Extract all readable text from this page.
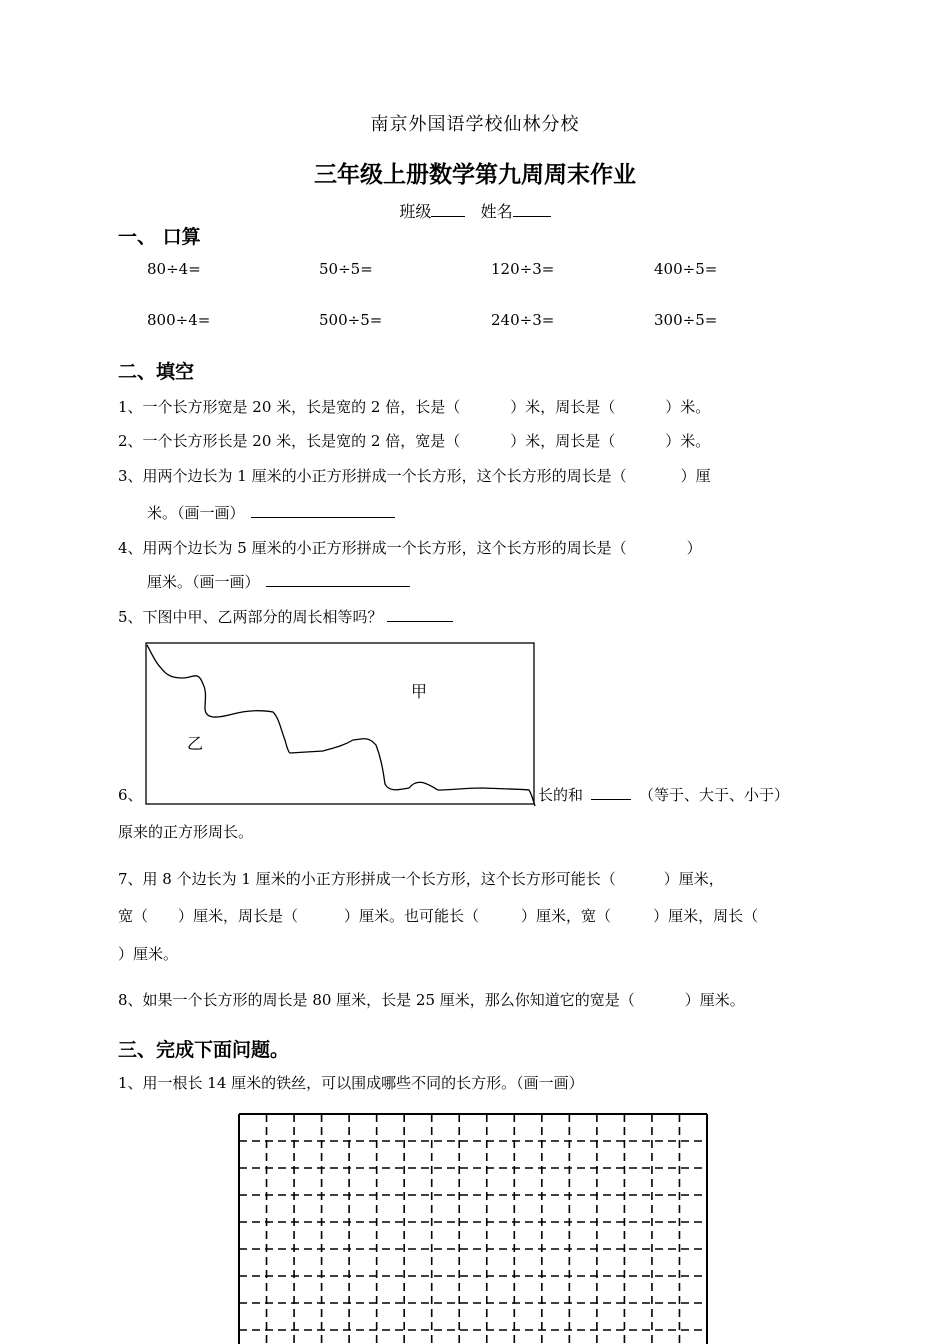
南京外国语学校仙林分校
三年级上册数学第九周周末作业
班级	姓名
一、 口算
80÷4=	50÷5=	120÷3=	400÷5=
800÷4=	500÷5=	240÷3=	300÷5=
二、填空
1、一个长方形宽是 20 米，长是宽的 2 倍，长是（	）米，周长是（	）米。
2、一个长方形长是 20 米，长是宽的 2 倍，宽是（	）米，周长是（	）米。
3、用两个边长为 1 厘米的小正方形拼成一个长方形，这个长方形的周长是（	）厘
米。（画一画）
4、用两个边长为 5 厘米的小正方形拼成一个长方形，这个长方形的周长是（	）
厘米。（画一画）
5、下图中甲、乙两部分的周长相等吗？
甲
乙
6、	长的和	（等于、大于、小于）
原来的正方形周长。
7、用 8 个边长为 1 厘米的小正方形拼成一个长方形，这个长方形可能长（	）厘米，
宽（ ）厘米，周长是（	）厘米。也可能长（	）厘米，宽（	）厘米，周长（
）厘米。
8、如果一个长方形的周长是 80 厘米，长是 25 厘米，那么你知道它的宽是（	）厘米。
三、完成下面问题。
1、用一根长 14 厘米的铁丝，可以围成哪些不同的长方形。（画一画）
